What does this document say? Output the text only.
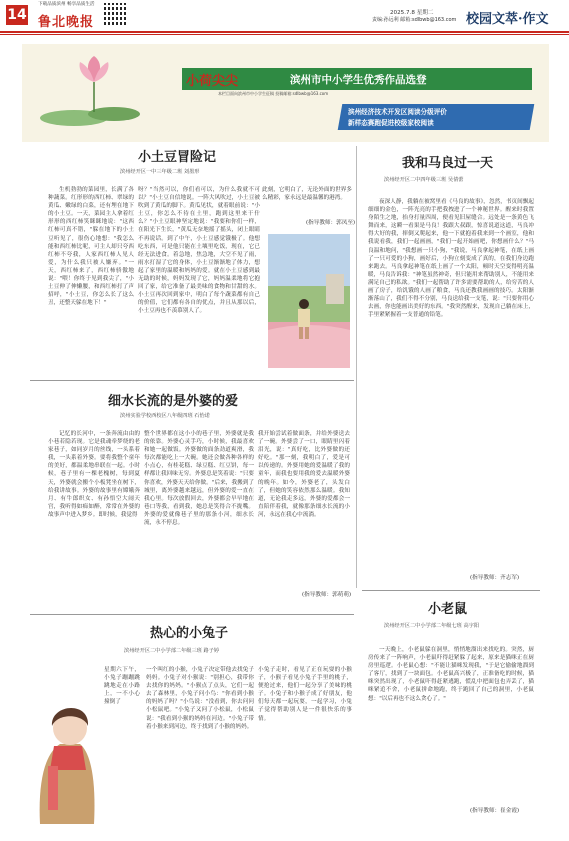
14
下载品质滨州 畅享品质生活
鲁北晚报
2025.7.8 星期二
责编:孙远利 邮箱:sdlbwb@163.com 校园文萃·作文
小荷尖尖	滨州市中小学生优秀作品选登
本栏目面向滨州市中小学生征稿 投稿邮箱:sdlbwb@163.com
滨州经济技术开发区阅读分级评价
新样态赛跑促进校级家校阅读
小土豆冒险记
滨州经开区一中三年级二班 刘墨形
生机勃勃的菜园里，长满了各种蔬菜。红形形的西红柿、翠绿的黄瓜、嫩绿的白菜，还有埋在地下的小土豆。一天，菜园主人拿着红形形的西红柿笑眯眯地说："这西红柿可真不错，"躲在地下的小土豆听见了，很伤心地想："我怎么能和西红柿比呢，可主人却只夸西红柿不夸我，人家西红柿人见人爱，为什么我只被人嫌弃。"一天，西红柿来了，西红柿骄傲地说："喂！你终于见到我尖了，"小土豆伸了伸懒腰，和西红柿打了声招呼，"小土豆，你怎么长了这么丑，还整天躲在地下！"
呀？"当然可以，你们看可以，为什么我就不可以？"小土豆自信地说。一阵大风吹过，小土豆被吹到了黄瓜的脚下。黄瓜见状，就着眼前说："小土豆，你怎么不待在土里，跑到这里来干什么？"小土豆眼神坚定地说："我要和你们一样，在阳光下生长，"黄瓜无奈地摇了摇头，闭上眼睛不再说话。到了中午，小土豆感觉饿极了。他想吃东西，可是他只能在土壤里吃饭，现在，它已经无法进食。着急地，焦急地，大空不见了雨，雨水打湿了它的身体，小土豆渐渐地了体力，想起了家里的温暖和妈妈的爱。就在小土豆感到最无助的时候，妈妈发现了它，妈妈温柔地将它抱回了家，给它准备了最美味的食物和甘甜的水。小土豆再次回到家中，明白了每个蔬菜都有自己的价值，它们都有各自的优点，并且从那以后，小土豆再也不羡慕别人了。
此刻，它明白了，无论外面的世界多么精彩，家永远是最温馨的港湾。
(指导教师：郭凤至)
我和马良过一天
滨州经开区二中四年级三班 吴倩蕾
夜深人静，我躺在被窝里看《马良的故事》，忽然，书页间飘起细细的金色，一阵光亮的手把我拽进了一个神秘世界。醒来时我置身陌生之地，抬身打量四周，便看见旧屋缝合。远处是一条黄色飞舞而来，这瞬一看果是马良！我跟大叔跟，惊喜说道这道，马良冲得大好的我，摔倒又爬起来，他一下就抱着我来到一个画室，他和我说看我，我们一起画画，"我们一起开始画吧，你想画什么？"马良温和地问，"我想画一只小狗，"我说，马良拿起神笔，在纸上画了一只可爱的小狗，画好后，小狗立刻变成了真的，在我们身边跑来跑去。马良拿起神笔在纸上画了一个太阳，顿时天空变得明亮温暖，马良告诉我："神笔虽然神奇，但只能用来帮助别人，不能用来满足自己的私欲。"我们一起帮助了许多需要帮助的人，给穷苦的人画了房子，给饥饿的人画了粮食，马良还教我画画的技巧。太阳渐渐落山了，我们不得不分别，马良送给我一支笔，说："只要你用心去画，你也能画出美好的东西。"我突然醒来，发现自己躺在床上，手里紧紧握着一支普通的铅笔。
(指导教师：齐志军)
细水长流的是外婆的爱
滨州实验学校西校区八年级四班 石怡诺
记忆的长河中，一条奔流由由的小巷若隐若现。它是我魂牵梦绕的老家巷子，如同岁月的丝线，一头系着我，一头系着外婆。要将我整个童年的美好，都温柔地串联在一起。小时候，巷子里有一棵老槐树，每到夏天，外婆就会搬个小板凳坐在树下，给我讲故事。外婆的故事里有嫦娥奔月、有牛郎织女、有孙悟空大闹天宫，我听得如痴如醉，常常在外婆的故事声中进入梦乡。即时候，我觉得
整个世界都在这小小的巷子里，外婆就是我的依靠。外婆心灵手巧，小时候，我最喜欢和她一起做饭。外婆做的面条劲道爽滑，我每次都能吃上一大碗。她还会做各种各样的小点心，有桂花糕、绿豆糕、红豆饼，每一样都让我回味无穷。外婆总是笑着说："只要你喜欢，外婆天天给你做。"后来，我搬到了城里，离外婆越来越远，但外婆的爱一直在我心里。每次放假回去，外婆都会早早地在巷口等我，看到我，她总是笑得合不拢嘴。外婆的爱就像巷子里的那条小河，细水长流，永不停息。
我开始尝试着做面条，并给外婆送去了一碗。外婆尝了一口，眼睛里闪着泪光，说："真好吃，比外婆做的还好吃。"那一刻，我明白了，爱是可以传递的。外婆用她的爱温暖了我的童年，而我也要用我的爱去温暖外婆的晚年。如今，外婆老了，头发白了，但她的笑容依然那么温暖。我知道，无论我走多远，外婆的爱都会一直陪伴着我，就像那条细水长流的小河，永远在我心中流淌。
(指导教师：郭萌萌)
热心的小兔子
滨州经开区二中小学部二年级三班 路子婷
星期六下午，小兔子蹦蹦跳跳地走在小路上，一不小心撞倒了
一个叫红的小猴，小兔子决定带他去找兔子妈妈。小兔子对小猴说："别担心，我带你去找你的妈妈。"小猴点了点头，它们一起去了森林里，小兔子问小鸟："你看到小猴的妈妈了吗？"小鸟说："没看到，你去问问小松鼠吧。"小兔子又问了小松鼠，小松鼠说："我看到小猴的妈妈在河边。"小兔子带着小猴来到河边，终于找到了小猴的妈妈。
小兔子走时，看见了正在玩耍的小猴子，小猴子看见小兔子手里的桃子，便抢过来，他们一起分享了美味的桃子。小兔子和小猴子成了好朋友，他们每天都一起玩耍，一起学习，小兔子觉得帮助别人是一件很快乐的事情。
小老鼠
滨州经开区二中小学部二年级七班 高宇阳
一天晚上，小老鼠躲在洞里，悄悄地溜出来找吃的。突然，厨房传来了一阵响声，小老鼠吓得赶紧躲了起来，原来是猫咪正在厨房里巡逻。小老鼠心想："不能让猫咪发现我，"于是它偷偷地溜到了客厅，找到了一块面包。小老鼠高兴极了，正准备吃的时候，猫咪突然出现了，小老鼠吓得赶紧逃跑，慌乱中把面包也弄丢了，猫咪紧追不舍，小老鼠拼命地跑，终于跑回了自己的洞里，小老鼠想："以后再也不这么贪心了。"
(指导教师：崔金霞)
